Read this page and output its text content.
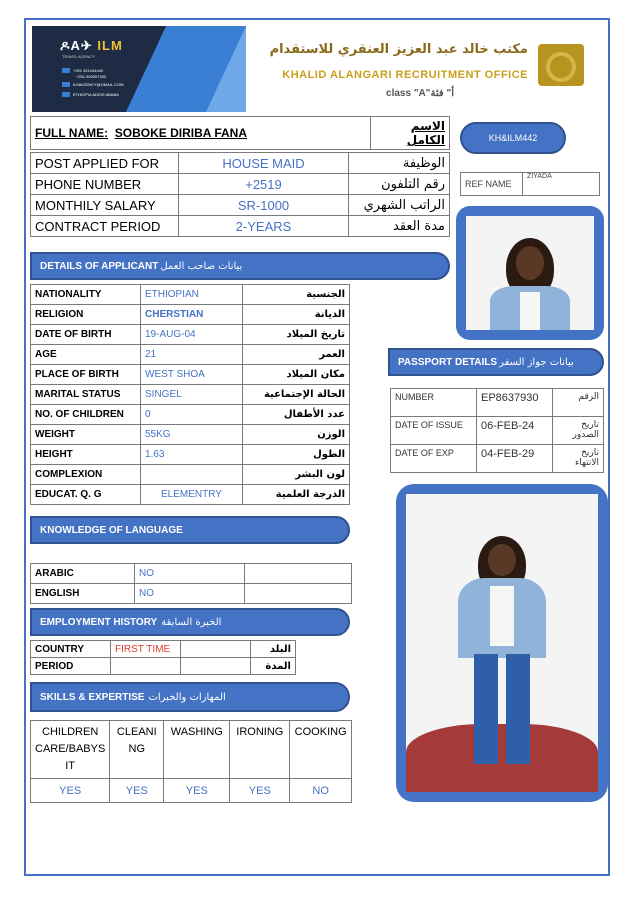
ዶA✈ ILM
TRAVEL AGENCY
+251 921444440
+251 900007300
ILMAGENCY@GMAIL.COM
ETHIOPIA ADDIS ABABA
مكتب خالد عبد العزيز العنقري للاستقدام
KHALID ALANGARI RECRUITMENT OFFICE
class "A"أ" فئة
FULL NAME: SOBOKE DIRIBA FANA	الاسم الكامل	KH&ILM442
REF NAME	ZIYADA
POST APPLIED FOR	HOUSE MAID	الوظيفة
PHONE NUMBER	+2519	رقم التلفون
MONTHILY SALARY	SR-1000	الراتب الشهري
CONTRACT PERIOD	2-YEARS	مدة العقد
DETAILS OF APPLICANT بيانات صاحب العمل
NATIONALITY	ETHIOPIAN	الجنسية
RELIGION	CHERSTIAN	الديانة
DATE OF BIRTH	19-AUG-04	تاريخ الميلاد
AGE	21	العمر
PLACE OF BIRTH	WEST SHOA	مكان الميلاد
MARITAL STATUS	SINGEL	الحالة الإجتماعية
NO. OF CHILDREN	0	عدد الأطفال
WEIGHT	55KG	الوزن
HEIGHT	1.63	الطول
COMPLEXION		لون البشر
EDUCAT. Q. G	ELEMENTRY	الدرجة العلمية
PASSPORT DETAILS بيانات جواز السفر
NUMBER	EP8637930	الرقم
DATE OF ISSUE	06-FEB-24	تاريخ الصدور
DATE OF EXP	04-FEB-29	تاريخ الانتهاء
KNOWLEDGE OF LANGUAGE
ARABIC	NO	
ENGLISH	NO	
EMPLOYMENT HISTORY الخبرة السابقة
COUNTRY	FIRST TIME		البلد
PERIOD			المدة
SKILLS & EXPERTISE المهارات والخبرات
CHILDREN CARE/BABYS IT	CLEANI NG	WASHING	IRONING	COOKING
YES	YES	YES	YES	NO
